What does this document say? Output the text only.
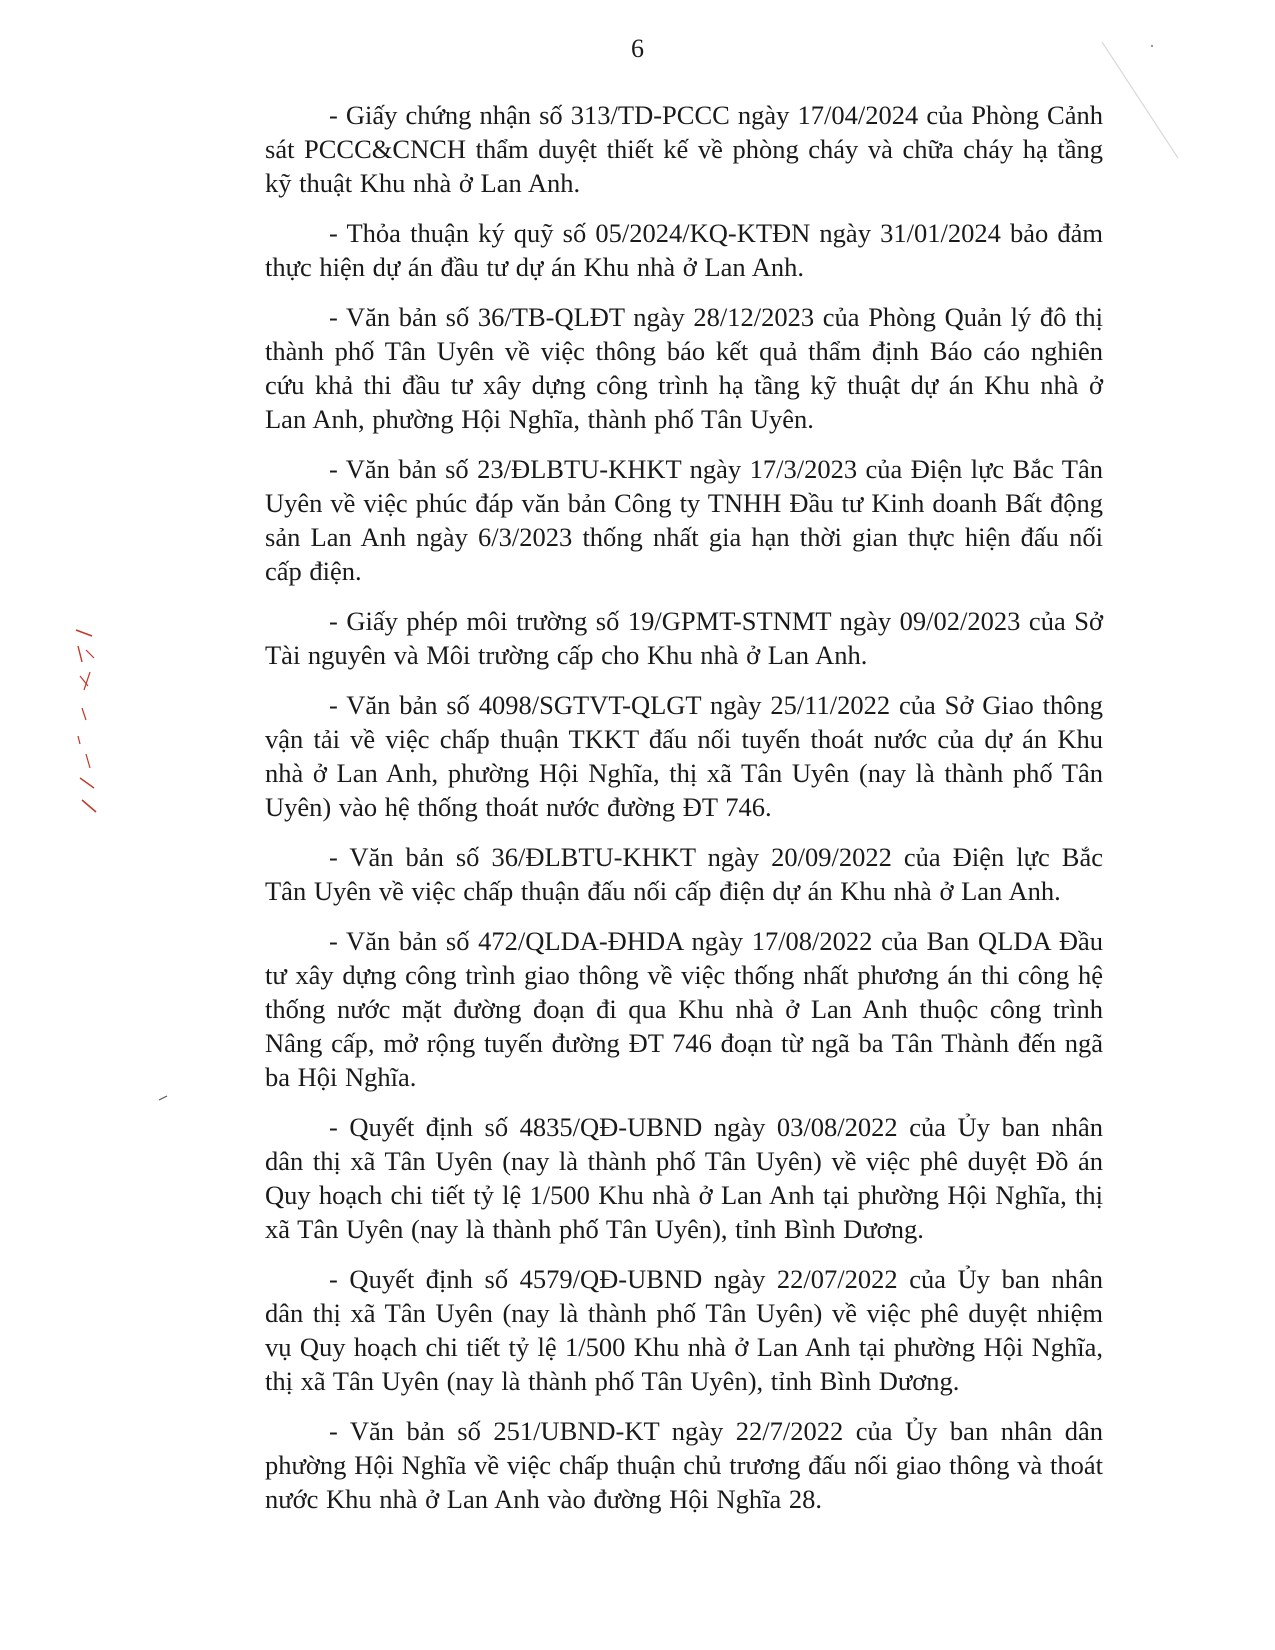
6

- Giấy chứng nhận số 313/TD-PCCC ngày 17/04/2024 của Phòng Cảnh sát PCCC&CNCH thẩm duyệt thiết kế về phòng cháy và chữa cháy hạ tầng kỹ thuật Khu nhà ở Lan Anh.

- Thỏa thuận ký quỹ số 05/2024/KQ-KTĐN ngày 31/01/2024 bảo đảm thực hiện dự án đầu tư dự án Khu nhà ở Lan Anh.

- Văn bản số 36/TB-QLĐT ngày 28/12/2023 của Phòng Quản lý đô thị thành phố Tân Uyên về việc thông báo kết quả thẩm định Báo cáo nghiên cứu khả thi đầu tư xây dựng công trình hạ tầng kỹ thuật dự án Khu nhà ở Lan Anh, phường Hội Nghĩa, thành phố Tân Uyên.

- Văn bản số 23/ĐLBTU-KHKT ngày 17/3/2023 của Điện lực Bắc Tân Uyên về việc phúc đáp văn bản Công ty TNHH Đầu tư Kinh doanh Bất động sản Lan Anh ngày 6/3/2023 thống nhất gia hạn thời gian thực hiện đấu nối cấp điện.

- Giấy phép môi trường số 19/GPMT-STNMT ngày 09/02/2023 của Sở Tài nguyên và Môi trường cấp cho Khu nhà ở Lan Anh.

- Văn bản số 4098/SGTVT-QLGT ngày 25/11/2022 của Sở Giao thông vận tải về việc chấp thuận TKKT đấu nối tuyến thoát nước của dự án Khu nhà ở Lan Anh, phường Hội Nghĩa, thị xã Tân Uyên (nay là thành phố Tân Uyên) vào hệ thống thoát nước đường ĐT 746.

- Văn bản số 36/ĐLBTU-KHKT ngày 20/09/2022 của Điện lực Bắc Tân Uyên về việc chấp thuận đấu nối cấp điện dự án Khu nhà ở Lan Anh.

- Văn bản số 472/QLDA-ĐHDA ngày 17/08/2022 của Ban QLDA Đầu tư xây dựng công trình giao thông về việc thống nhất phương án thi công hệ thống nước mặt đường đoạn đi qua Khu nhà ở Lan Anh thuộc công trình Nâng cấp, mở rộng tuyến đường ĐT 746 đoạn từ ngã ba Tân Thành đến ngã ba Hội Nghĩa.

- Quyết định số 4835/QĐ-UBND ngày 03/08/2022 của Ủy ban nhân dân thị xã Tân Uyên (nay là thành phố Tân Uyên) về việc phê duyệt Đồ án Quy hoạch chi tiết tỷ lệ 1/500 Khu nhà ở Lan Anh tại phường Hội Nghĩa, thị xã Tân Uyên (nay là thành phố Tân Uyên), tỉnh Bình Dương.

- Quyết định số 4579/QĐ-UBND ngày 22/07/2022 của Ủy ban nhân dân thị xã Tân Uyên (nay là thành phố Tân Uyên) về việc phê duyệt nhiệm vụ Quy hoạch chi tiết tỷ lệ 1/500 Khu nhà ở Lan Anh tại phường Hội Nghĩa, thị xã Tân Uyên (nay là thành phố Tân Uyên), tỉnh Bình Dương.

- Văn bản số 251/UBND-KT ngày 22/7/2022 của Ủy ban nhân dân phường Hội Nghĩa về việc chấp thuận chủ trương đấu nối giao thông và thoát nước Khu nhà ở Lan Anh vào đường Hội Nghĩa 28.
